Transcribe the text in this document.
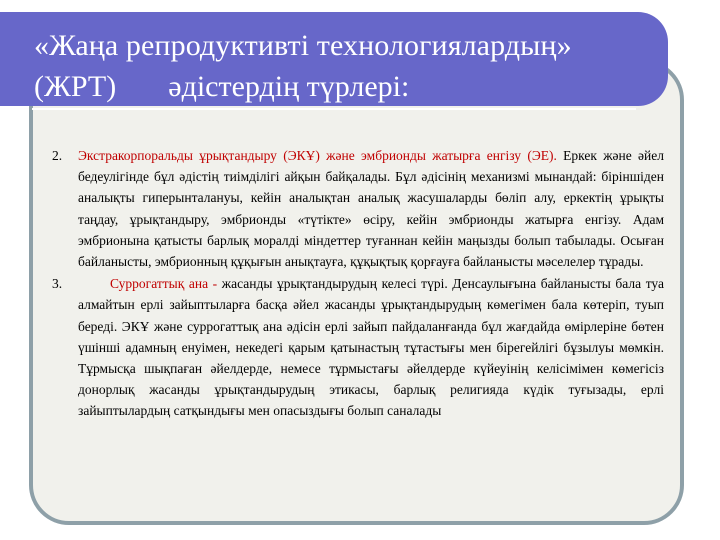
«Жаңа репродуктивті технологиялардың»
(ЖРТ) әдістердің түрлері:
2.	Экстракорпоральды ұрықтандыру (ЭКҰ) және эмбрионды жатырға енгізу (ЭЕ). Еркек және әйел бедеулігінде бұл әдістің тиімділігі айқын байқалады. Бұл әдісінің механизмі мынандай: біріншіден аналықты гиперынталануы, кейін аналықтан аналық жасушаларды бөліп алу, еркектің ұрықты таңдау, ұрықтандыру, эмбрионды «түтікте» өсіру, кейін эмбрионды жатырға енгізу. Адам эмбрионына қатысты барлық моралді міндеттер туғаннан кейін маңызды болып табылады. Осыған байланысты, эмбрионның құқығын анықтауға, құқықтық қорғауға байланысты мәселелер тұрады.
3.	Суррогаттық ана - жасанды ұрықтандырудың келесі түрі. Денсаулығына байланысты бала туа алмайтын ерлі зайыптыларға басқа әйел жасанды ұрықтандырудың көмегімен бала көтеріп, туып береді. ЭКҰ және суррогаттық ана әдісін ерлі зайып пайдаланғанда бұл жағдайда өмірлеріне бөтен үшінші адамның енуімен, некедегі қарым қатынастың тұтастығы мен бірегейлігі бұзылуы мөмкін. Тұрмысқа шықпаған әйелдерде, немесе тұрмыстағы әйелдерде күйеуінің келісімімен көмегісіз донорлық жасанды ұрықтандырудың этикасы, барлық религияда күдік туғызады, ерлі зайыптылардың сатқындығы мен опасыздығы болып саналады
